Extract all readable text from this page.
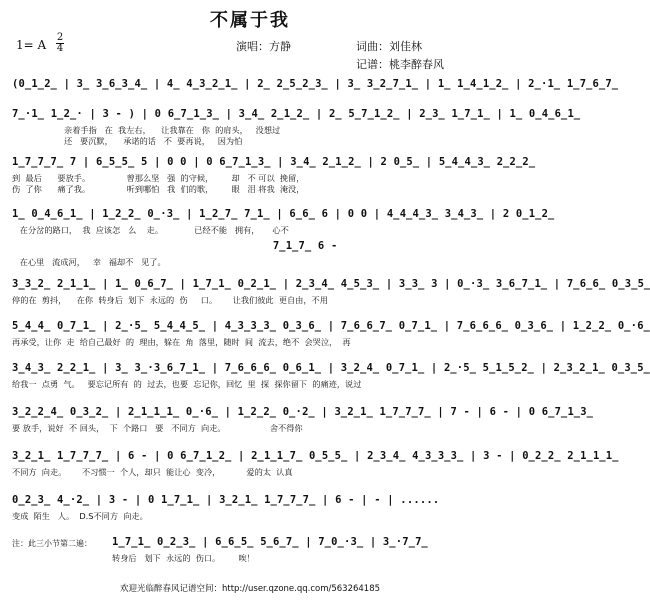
不属于我
1= A
2
4	演唱：方静	词曲：刘佳林
记谱：桃李醉春风
(0̲1̲2̲ | 3̲ 3̲6̲3̲4̲ | 4̲ 4̲3̲2̲1̲ | 2̲ 2̲5̲2̲3̲ | 3̲ 3̲2̲7̲1̲ | 1̲ 1̲4̲1̲2̲ | 2̲·1̲ 1̲7̲6̲7̲
7̲·1̲ 1̲2̲· | 3 - ) | 0 6̲7̲1̲3̲ | 3̲4̲ 2̲1̲2̲ | 2̲ 5̲7̲1̲2̲ | 2̲3̲ 1̲7̲1̲ | 1̲ 0̲4̲6̲1̲
亲着手指   在  我左右，    让我靠在   你  的肩头，   没想过
还   要沉默，    承诺的话   不  要再说，   因为怕
1̲7̲7̲7̲ 7 | 6̲5̲5̲ 5 | 0 0 | 0 6̲7̲1̲3̲ | 3̲4̲ 2̲1̲2̲ | 2 0̲5̲ | 5̲4̲4̲3̲ 2̲2̲2̲
到  最后      要放手。              曾那么坚   强  的守候，       却   不 可以  挽留，
伤  了你      痛了我。              听到哪怕   我  们的歌，       眼   泪 将我  淹没，
1̲ 0̲4̲6̲1̲ | 1̲2̲2̲ 0̲·3̲ | 1̲2̲7̲ 7̲1̲ | 6̲6̲ 6 | 0 0 | 4̲4̲4̲3̲ 3̲4̲3̲ | 2 0̲1̲2̲
在分岔的路口，  我  应该怎   么    走。            已经不能   拥有，     心不
7̲1̲7̲ 6 -
在心里   流成河，   幸   福却不   见了。
3̲3̲2̲ 2̲1̲1̲ | 1̲ 0̲6̲7̲ | 1̲7̲1̲ 0̲2̲1̲ | 2̲3̲4̲ 4̲5̲3̲ | 3̲3̲ 3 | 0̲·3̲ 3̲6̲7̲1̲ | 7̲6̲6̲ 0̲3̲5̲
停的在  剪抖，    在你  转身后  划下  永远的  伤     口。      让我们彼此  更自由，不用
5̲4̲4̲ 0̲7̲1̲ | 2̲·5̲ 5̲4̲4̲5̲ | 4̲3̲3̲3̲ 0̲3̲6̲ | 7̲6̲6̲7̲ 0̲7̲1̲ | 7̲6̲6̲6̲ 0̲3̲6̲ | 1̲2̲2̲ 0̲·6̲
再承受，让你  走  给自己最好  的  理由，躲在  角  落里，随时  间  流去，绝不  会哭泣，  再
3̲4̲3̲ 2̲2̲1̲ | 3̲ 3̲·3̲6̲7̲1̲ | 7̲6̲6̲6̲ 0̲6̲1̲ | 3̲2̲4̲ 0̲7̲1̲ | 2̲·5̲ 5̲1̲5̲2̲ | 2̲3̲2̲1̲ 0̲3̲5̲
给我一  点勇  气。   要忘记所有  的  过去，也要  忘记你，回忆  里  探  探你留下  的痛迹，说过
3̲2̲2̲4̲ 0̲3̲2̲ | 2̲1̲1̲1̲ 0̲·6̲ | 1̲2̲2̲ 0̲·2̲ | 3̲2̲1̲ 1̲7̲7̲7̲ | 7 - | 6 - | 0 6̲7̲1̲3̲
要 放手，说好  不 回头，  下  个路口   要   不同方  向走。                 舍不得你
3̲2̲1̲ 1̲7̲7̲7̲ | 6 - | 0 6̲7̲1̲2̲ | 2̲1̲1̲7̲ 0̲5̲5̲ | 2̲3̲4̲ 4̲3̲3̲3̲ | 3 - | 0̲2̲2̲ 2̲1̲1̲1̲
不同方  向走。      不习惯一  个人，却只  能让心  变冷，          爱的太  认真
0̲2̲3̲ 4̲·2̲ | 3 - | 0 1̲7̲1̲ | 3̲2̲1̲ 1̲7̲7̲7̲ | 6 - | - | ......
变成  陌生   人。  D.S不同方  向走。
注：此三小节第二遍： 1̲7̲1̲ 0̲2̲3̲ | 6̲6̲5̲ 5̲6̲7̲ | 7̲0̲·3̲ | 3̲·7̲7̲
转身后   划下  永远的  伤口。       唉！
欢迎光临醉春风记谱空间：http://user.qzone.qq.com/563264185
